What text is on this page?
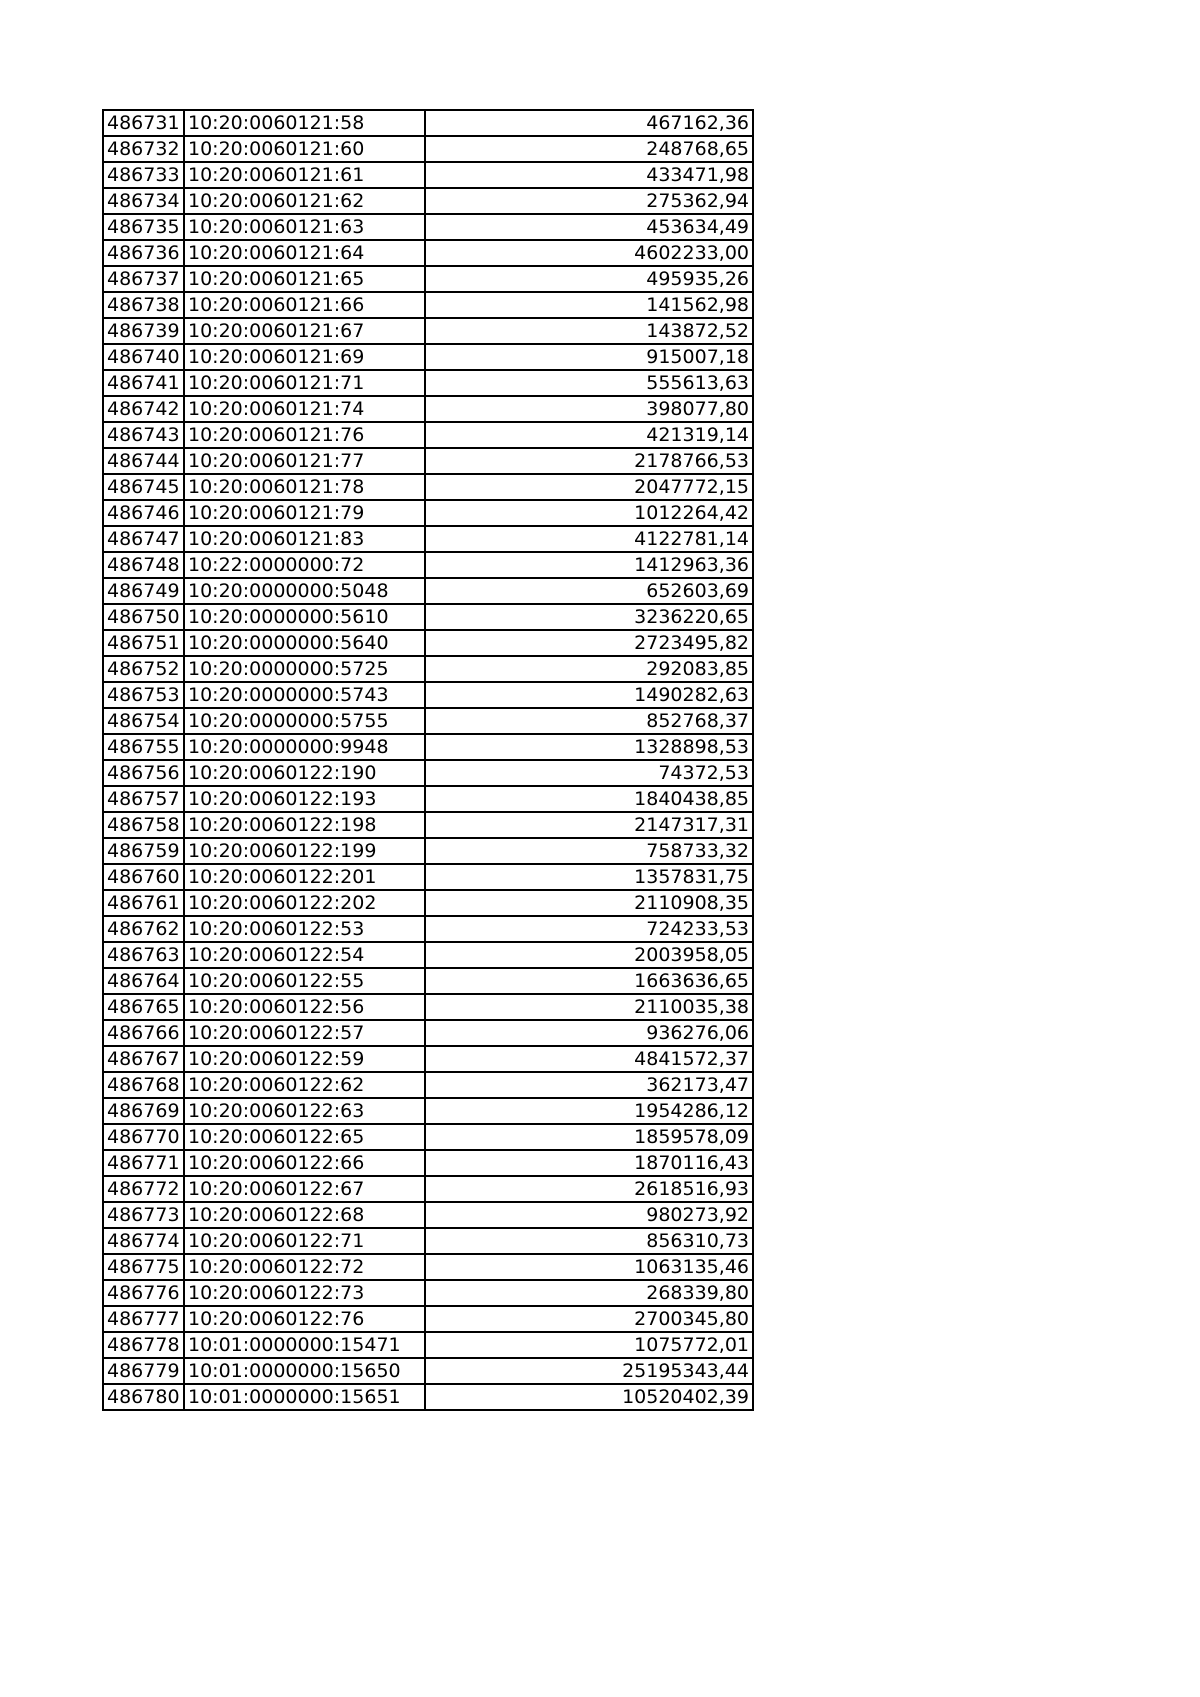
486731	10:20:0060121:58	467162,36
486732	10:20:0060121:60	248768,65
486733	10:20:0060121:61	433471,98
486734	10:20:0060121:62	275362,94
486735	10:20:0060121:63	453634,49
486736	10:20:0060121:64	4602233,00
486737	10:20:0060121:65	495935,26
486738	10:20:0060121:66	141562,98
486739	10:20:0060121:67	143872,52
486740	10:20:0060121:69	915007,18
486741	10:20:0060121:71	555613,63
486742	10:20:0060121:74	398077,80
486743	10:20:0060121:76	421319,14
486744	10:20:0060121:77	2178766,53
486745	10:20:0060121:78	2047772,15
486746	10:20:0060121:79	1012264,42
486747	10:20:0060121:83	4122781,14
486748	10:22:0000000:72	1412963,36
486749	10:20:0000000:5048	652603,69
486750	10:20:0000000:5610	3236220,65
486751	10:20:0000000:5640	2723495,82
486752	10:20:0000000:5725	292083,85
486753	10:20:0000000:5743	1490282,63
486754	10:20:0000000:5755	852768,37
486755	10:20:0000000:9948	1328898,53
486756	10:20:0060122:190	74372,53
486757	10:20:0060122:193	1840438,85
486758	10:20:0060122:198	2147317,31
486759	10:20:0060122:199	758733,32
486760	10:20:0060122:201	1357831,75
486761	10:20:0060122:202	2110908,35
486762	10:20:0060122:53	724233,53
486763	10:20:0060122:54	2003958,05
486764	10:20:0060122:55	1663636,65
486765	10:20:0060122:56	2110035,38
486766	10:20:0060122:57	936276,06
486767	10:20:0060122:59	4841572,37
486768	10:20:0060122:62	362173,47
486769	10:20:0060122:63	1954286,12
486770	10:20:0060122:65	1859578,09
486771	10:20:0060122:66	1870116,43
486772	10:20:0060122:67	2618516,93
486773	10:20:0060122:68	980273,92
486774	10:20:0060122:71	856310,73
486775	10:20:0060122:72	1063135,46
486776	10:20:0060122:73	268339,80
486777	10:20:0060122:76	2700345,80
486778	10:01:0000000:15471	1075772,01
486779	10:01:0000000:15650	25195343,44
486780	10:01:0000000:15651	10520402,39
